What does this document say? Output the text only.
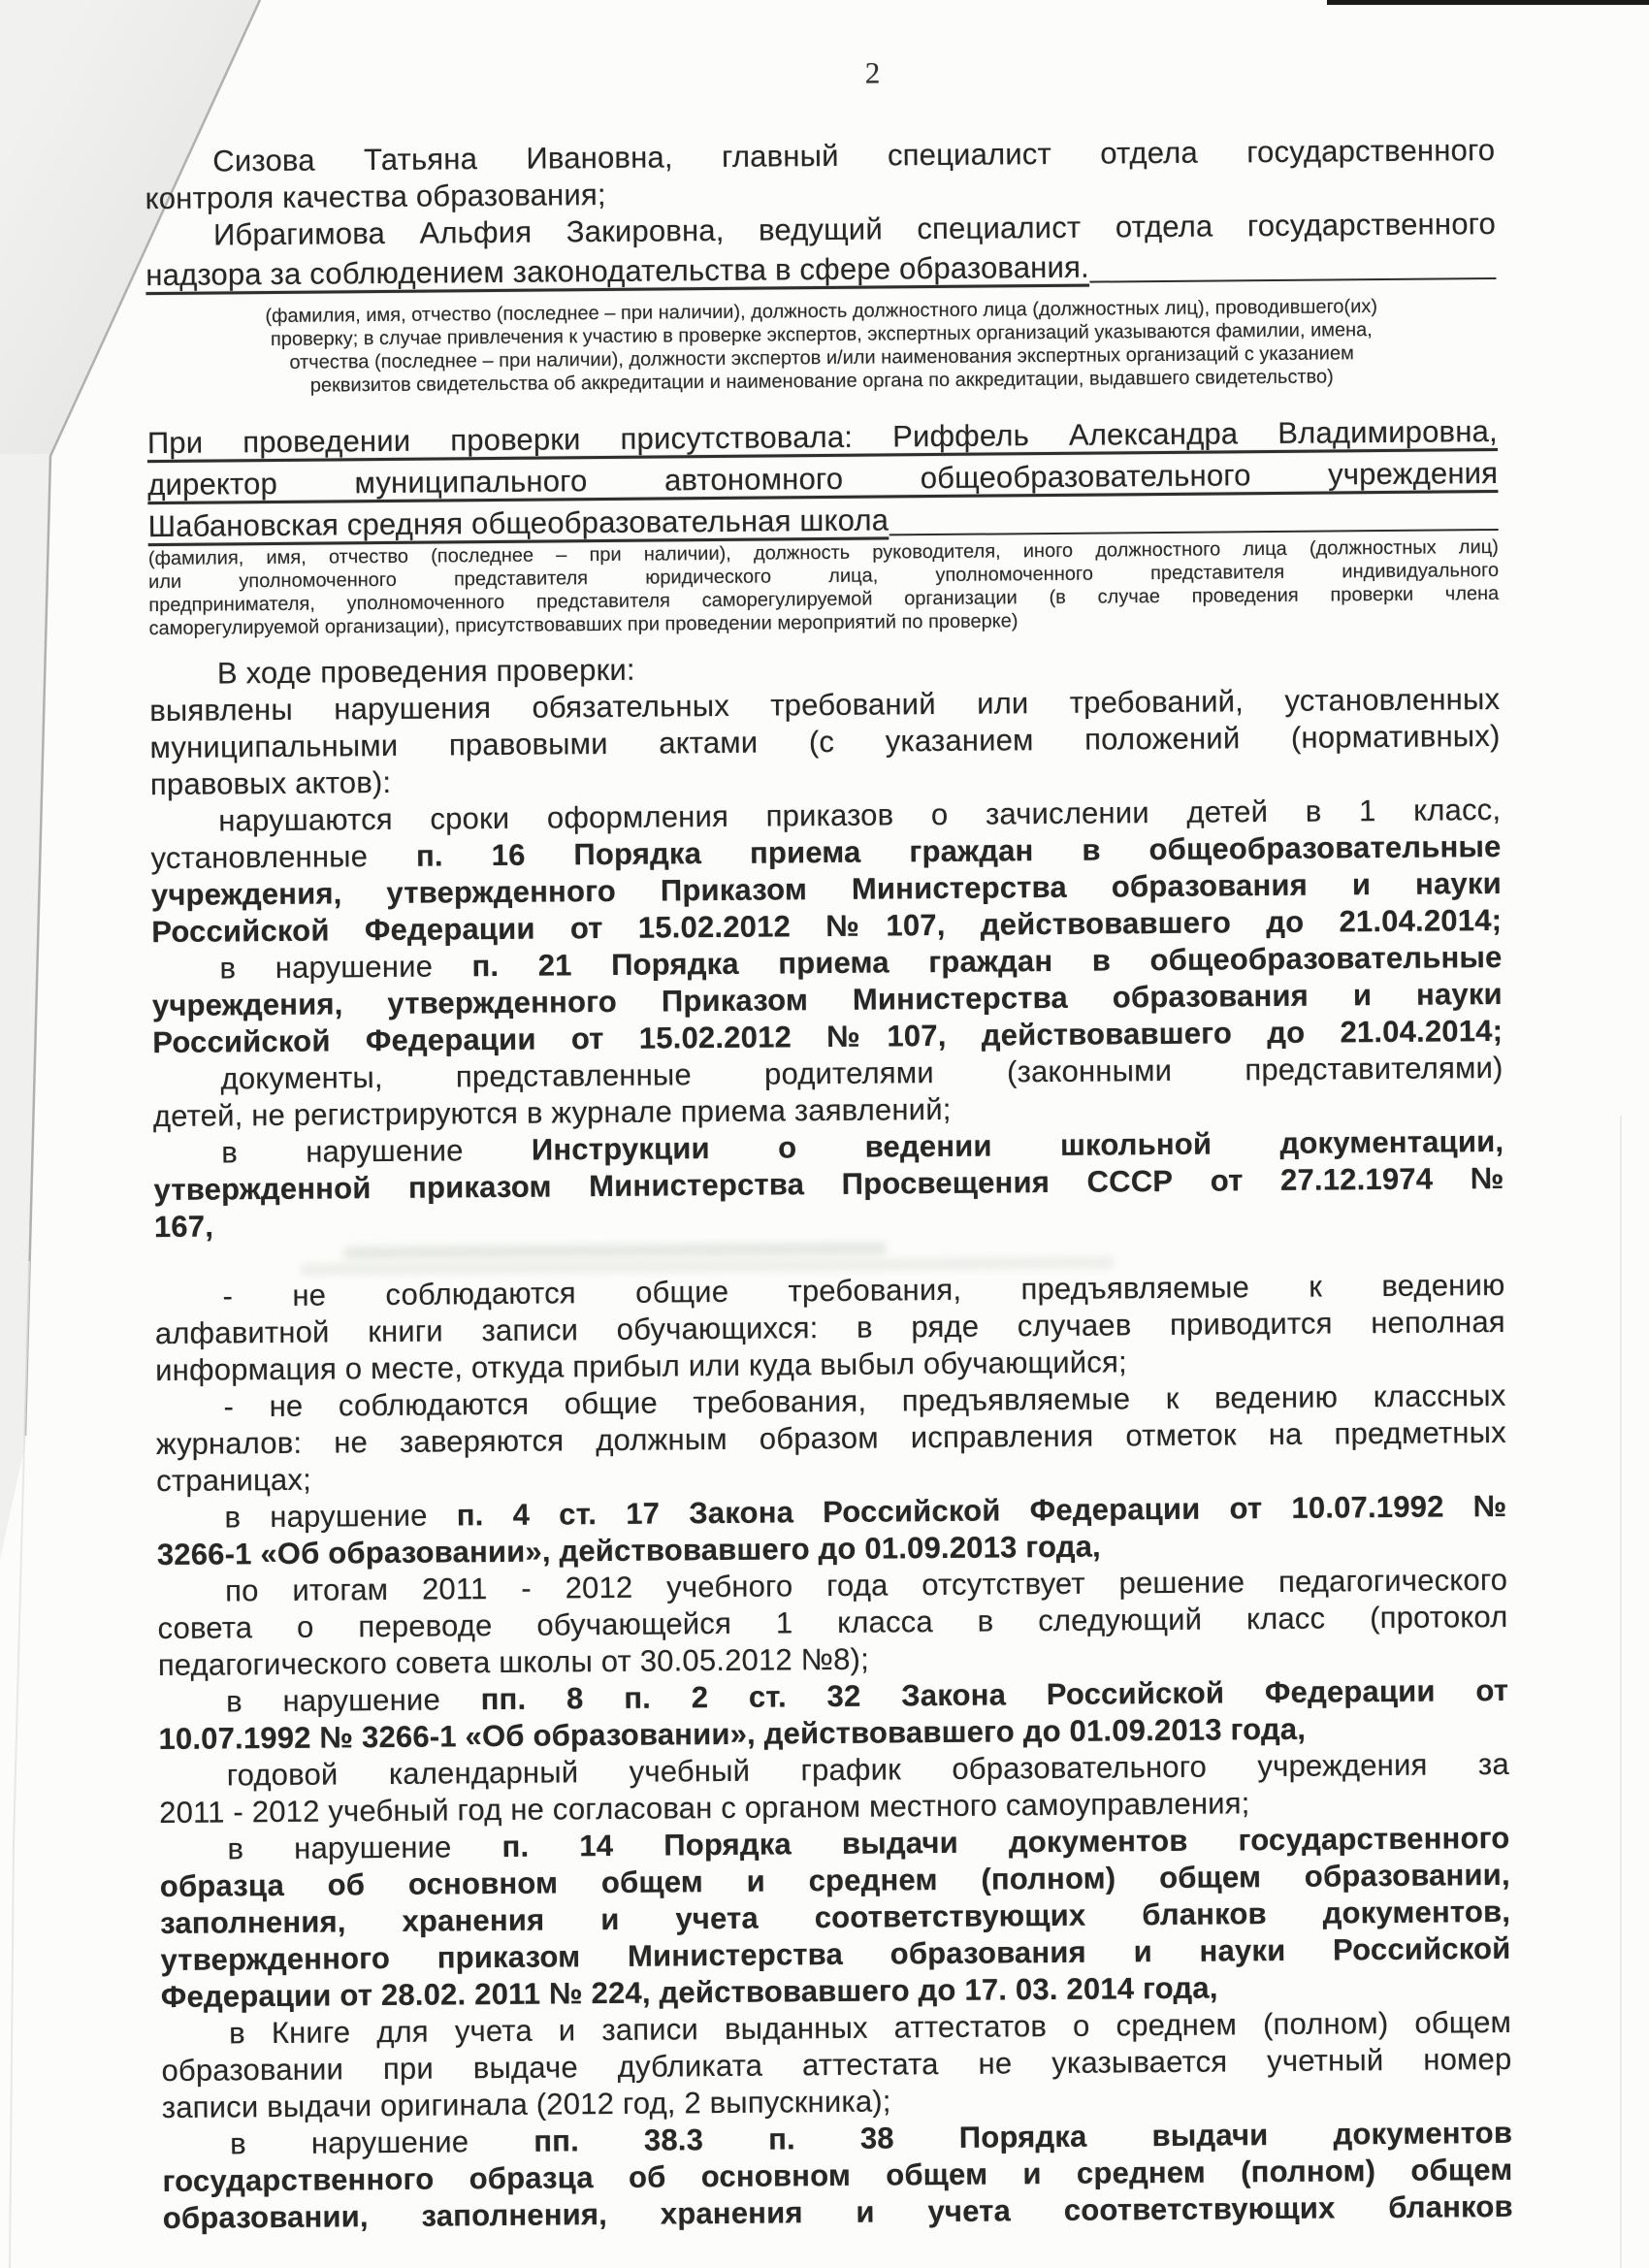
2
Сизова Татьяна Ивановна, главный специалист отдела государственного
контроля качества образования;
Ибрагимова Альфия Закировна, ведущий специалист отдела государственного
надзора за соблюдением законодательства в сфере образования.
(фамилия, имя, отчество (последнее – при наличии), должность должностного лица (должностных лиц), проводившего(их)
проверку; в случае привлечения к участию в проверке экспертов, экспертных организаций указываются фамилии, имена,
отчества (последнее – при наличии), должности экспертов и/или наименования экспертных организаций с указанием
реквизитов свидетельства об аккредитации и наименование органа по аккредитации, выдавшего свидетельство)
При проведении проверки присутствовала: Риффель Александра Владимировна,
директор муниципального автономного общеобразовательного учреждения
Шабановская средняя общеобразовательная школа
(фамилия, имя, отчество (последнее – при наличии), должность руководителя, иного должностного лица (должностных лиц)
или уполномоченного представителя юридического лица, уполномоченного представителя индивидуального
предпринимателя, уполномоченного представителя саморегулируемой организации (в случае проведения проверки члена
саморегулируемой организации), присутствовавших при проведении мероприятий по проверке)
В ходе проведения проверки:
выявлены нарушения обязательных требований или требований, установленных
муниципальными правовыми актами (с указанием положений (нормативных)
правовых актов):
нарушаются сроки оформления приказов о зачислении детей в 1 класс,
установленные п. 16 Порядка приема граждан в общеобразовательные
учреждения, утвержденного Приказом Министерства образования и науки
Российской Федерации от 15.02.2012 №107, действовавшего до 21.04.2014;
в нарушение п. 21 Порядка приема граждан в общеобразовательные
учреждения, утвержденного Приказом Министерства образования и науки
Российской Федерации от 15.02.2012 №107, действовавшего до 21.04.2014;
документы, представленные родителями (законными представителями)
детей, не регистрируются в журнале приема заявлений;
в нарушение Инструкции о ведении школьной документации,
утвержденной приказом Министерства Просвещения СССР от 27.12.1974 №
167,
- не соблюдаются общие требования, предъявляемые к ведению
алфавитной книги записи обучающихся: в ряде случаев приводится неполная
информация о месте, откуда прибыл или куда выбыл обучающийся;
- не соблюдаются общие требования, предъявляемые к ведению классных
журналов: не заверяются должным образом исправления отметок на предметных
страницах;
в нарушение п. 4 ст. 17 Закона Российской Федерации от 10.07.1992 №
3266-1 «Об образовании», действовавшего до 01.09.2013 года,
по итогам 2011 - 2012 учебного года отсутствует решение педагогического
совета о переводе обучающейся 1 класса в следующий класс (протокол
педагогического совета школы от 30.05.2012 №8);
в нарушение пп. 8 п. 2 ст. 32 Закона Российской Федерации от
10.07.1992 № 3266-1 «Об образовании», действовавшего до 01.09.2013 года,
годовой календарный учебный график образовательного учреждения за
2011 - 2012 учебный год не согласован с органом местного самоуправления;
в нарушение п. 14 Порядка выдачи документов государственного
образца об основном общем и среднем (полном) общем образовании,
заполнения, хранения и учета соответствующих бланков документов,
утвержденного приказом Министерства образования и науки Российской
Федерации от 28.02. 2011 № 224, действовавшего до 17. 03. 2014 года,
в Книге для учета и записи выданных аттестатов о среднем (полном) общем
образовании при выдаче дубликата аттестата не указывается учетный номер
записи выдачи оригинала (2012 год, 2 выпускника);
в нарушение пп. 38.3 п. 38 Порядка выдачи документов
государственного образца об основном общем и среднем (полном) общем
образовании, заполнения, хранения и учета соответствующих бланков
